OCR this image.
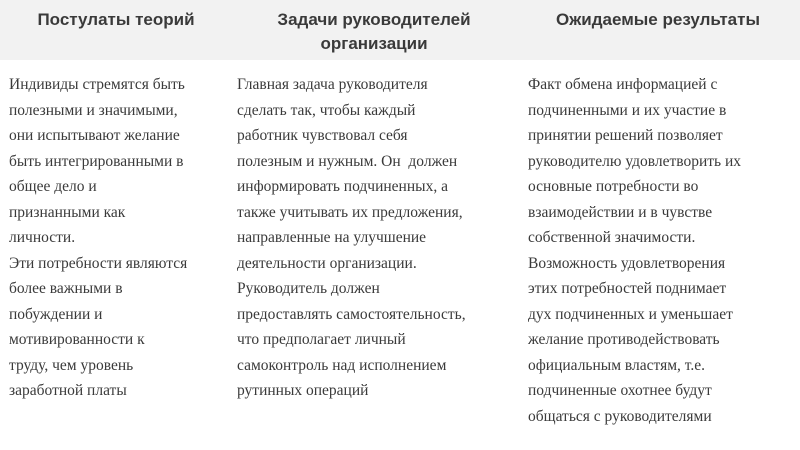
Постулаты теорий	Задачи руководителей
организации
Ожидаемые результаты
Индивиды стремятся быть
полезными и значимыми,
они испытывают желание
быть интегрированными в
общее дело и
признанными как
личности.
Эти потребности являются
более важными в
побуждении и
мотивированности к
труду, чем уровень
заработной платы
Главная задача руководителя
сделать так, чтобы каждый
работник чувствовал себя
полезным и нужным. Он  должен
информировать подчиненных, а
также учитывать их предложения,
направленные на улучшение
деятельности организации.
Руководитель должен
предоставлять самостоятельность,
что предполагает личный
самоконтроль над исполнением
рутинных операций
Факт обмена информацией с
подчиненными и их участие в
принятии решений позволяет
руководителю удовлетворить их
основные потребности во
взаимодействии и в чувстве
собственной значимости.
Возможность удовлетворения
этих потребностей поднимает
дух подчиненных и уменьшает
желание противодействовать
официальным властям, т.е.
подчиненные охотнее будут
общаться с руководителями
